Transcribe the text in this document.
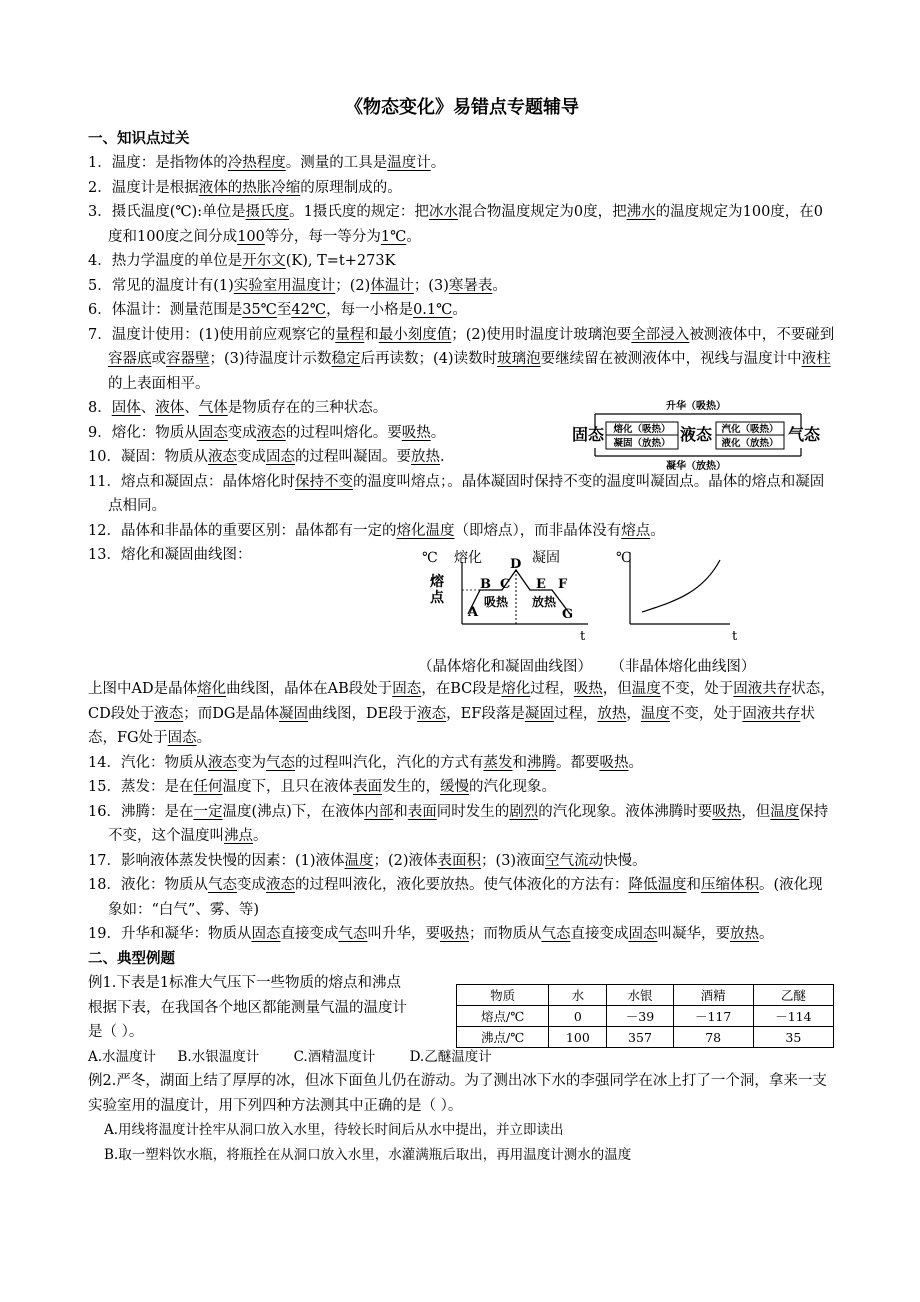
《物态变化》易错点专题辅导
一、知识点过关

1．温度：是指物体的冷热程度。测量的工具是温度计。

2．温度计是根据液体的热胀冷缩的原理制成的。

3．摄氏温度(℃):单位是摄氏度。1摄氏度的规定：把冰水混合物温度规定为0度，把沸水的温度规定为100度，在0度和100度之间分成100等分，每一等分为1℃。

4．热力学温度的单位是开尔文(K), T=t+273K

5．常见的温度计有(1)实验室用温度计；(2)体温计；(3)寒暑表。

6．体温计：测量范围是35℃至42℃，每一小格是0.1℃。

7．温度计使用：(1)使用前应观察它的量程和最小刻度值；(2)使用时温度计玻璃泡要全部浸入被测液体中，不要碰到容器底或容器壁；(3)待温度计示数稳定后再读数；(4)读数时玻璃泡要继续留在被测液体中，视线与温度计中液柱的上表面相平。

8．固体、液体、气体是物质存在的三种状态。

9．熔化：物质从固态变成液态的过程叫熔化。要吸热。

10．凝固：物质从液态变成固态的过程叫凝固。要放热.

11．熔点和凝固点：晶体熔化时保持不变的温度叫熔点；。晶体凝固时保持不变的温度叫凝固点。晶体的熔点和凝固点相同。

12．晶体和非晶体的重要区别：晶体都有一定的熔化温度（即熔点），而非晶体没有熔点。

13．熔化和凝固曲线图：

上图中AD是晶体熔化曲线图，晶体在AB段处于固态，在BC段是熔化过程，吸热，但温度不变，处于固液共存状态，CD段处于液态；而DG是晶体凝固曲线图，DE段于液态，EF段落是凝固过程，放热，温度不变，处于固液共存状态，FG处于固态。

14．汽化：物质从液态变为气态的过程叫汽化，汽化的方式有蒸发和沸腾。都要吸热。

15．蒸发：是在任何温度下，且只在液体表面发生的，缓慢的汽化现象。

16．沸腾：是在一定温度(沸点)下，在液体内部和表面同时发生的剧烈的汽化现象。液体沸腾时要吸热，但温度保持不变，这个温度叫沸点。

17．影响液体蒸发快慢的因素：(1)液体温度；(2)液体表面积；(3)液面空气流动快慢。

18．液化：物质从气态变成液态的过程叫液化，液化要放热。使气体液化的方法有：降低温度和压缩体积。(液化现象如：“白气”、雾、等)

19．升华和凝华：物质从固态直接变成气态叫升华，要吸热；而物质从气态直接变成固态叫凝华，要放热。

二、典型例题

例1.下表是1标准大气压下一些物质的熔点和沸点

根据下表，在我国各个地区都能测量气温的温度计

是（ ）。

A.水温度计 B.水银温度计	C.酒精温度计	D.乙醚温度计

例2.严冬，湖面上结了厚厚的冰，但冰下面鱼儿仍在游动。为了测出冰下水的李强同学在冰上打了一个洞，拿来一支实验室用的温度计，用下列四种方法测其中正确的是（ ）。

A.用线将温度计拴牢从洞口放入水里，待较长时间后从水中提出，并立即读出

B.取一塑料饮水瓶，将瓶拴在从洞口放入水里，水灌满瓶后取出，再用温度计测水的温度

升华（吸热）
固态	液态	气态
熔化（吸热）
凝固（放热）
汽化（吸热）
液化（放热）
凝华（放热）
℃ 熔化	凝固
熔
点
A
B C
D
E F
G
吸热 放热
t
℃
t
（晶体熔化和凝固曲线图） （非晶体熔化曲线图）
物质	水	水银	酒精	乙醚
熔点/℃	0	－39	－117	－114
沸点/℃	100	357	78	35
